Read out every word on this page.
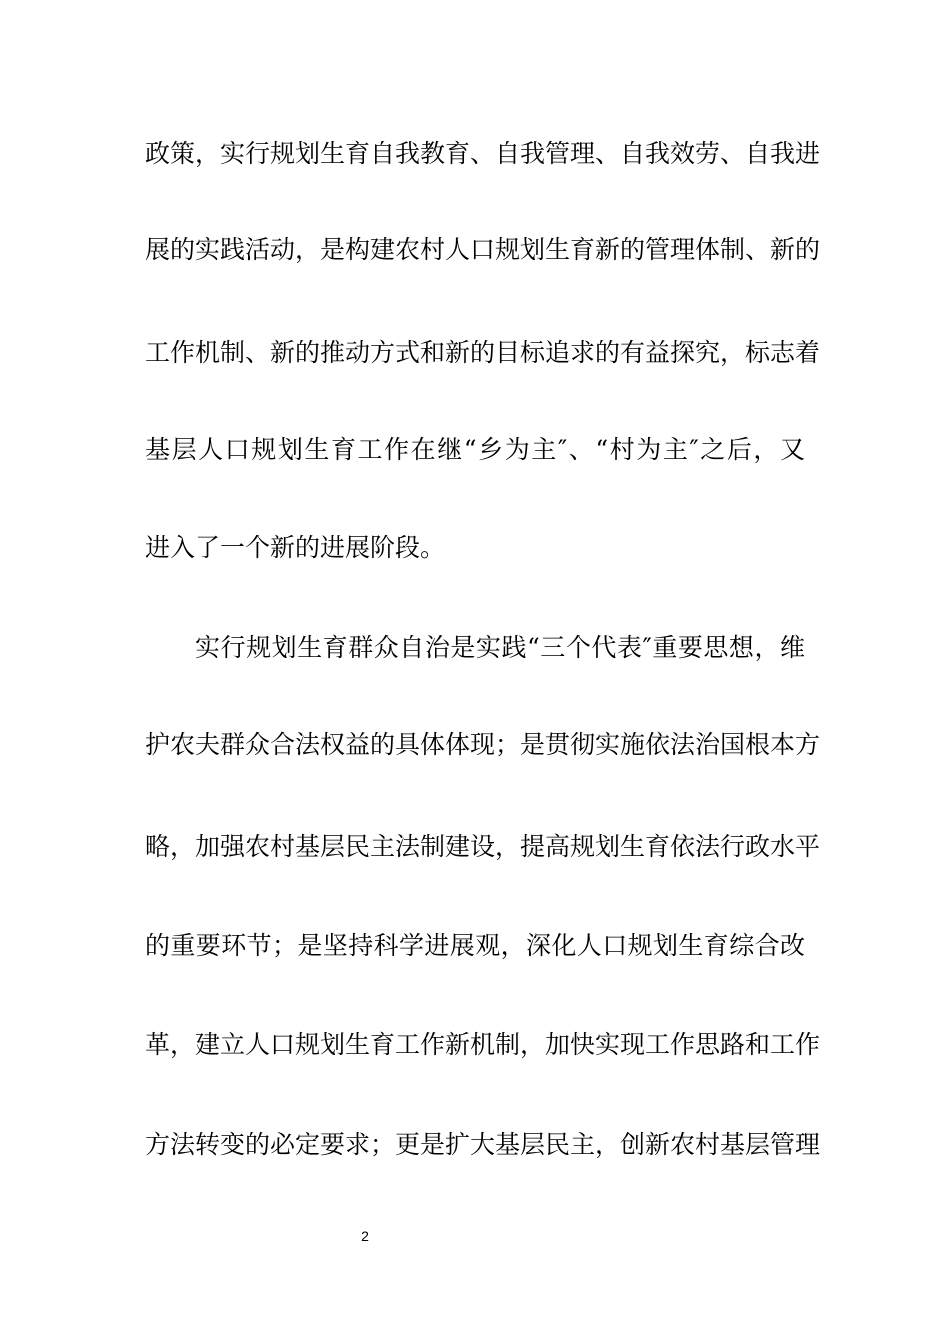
政策，实行规划生育自我教育、自我管理、自我效劳、自我进
展的实践活动，是构建农村人口规划生育新的管理体制、新的
工作机制、新的推动方式和新的目标追求的有益探究，标志着
基层人口规划生育工作在继“乡为主″、“村为主″之后，又
进入了一个新的进展阶段。
实行规划生育群众自治是实践“三个代表″重要思想，维
护农夫群众合法权益的具体体现；是贯彻实施依法治国根本方
略，加强农村基层民主法制建设，提高规划生育依法行政水平
的重要环节；是坚持科学进展观，深化人口规划生育综合改
革，建立人口规划生育工作新机制，加快实现工作思路和工作
方法转变的必定要求；更是扩大基层民主，创新农村基层管理
2
